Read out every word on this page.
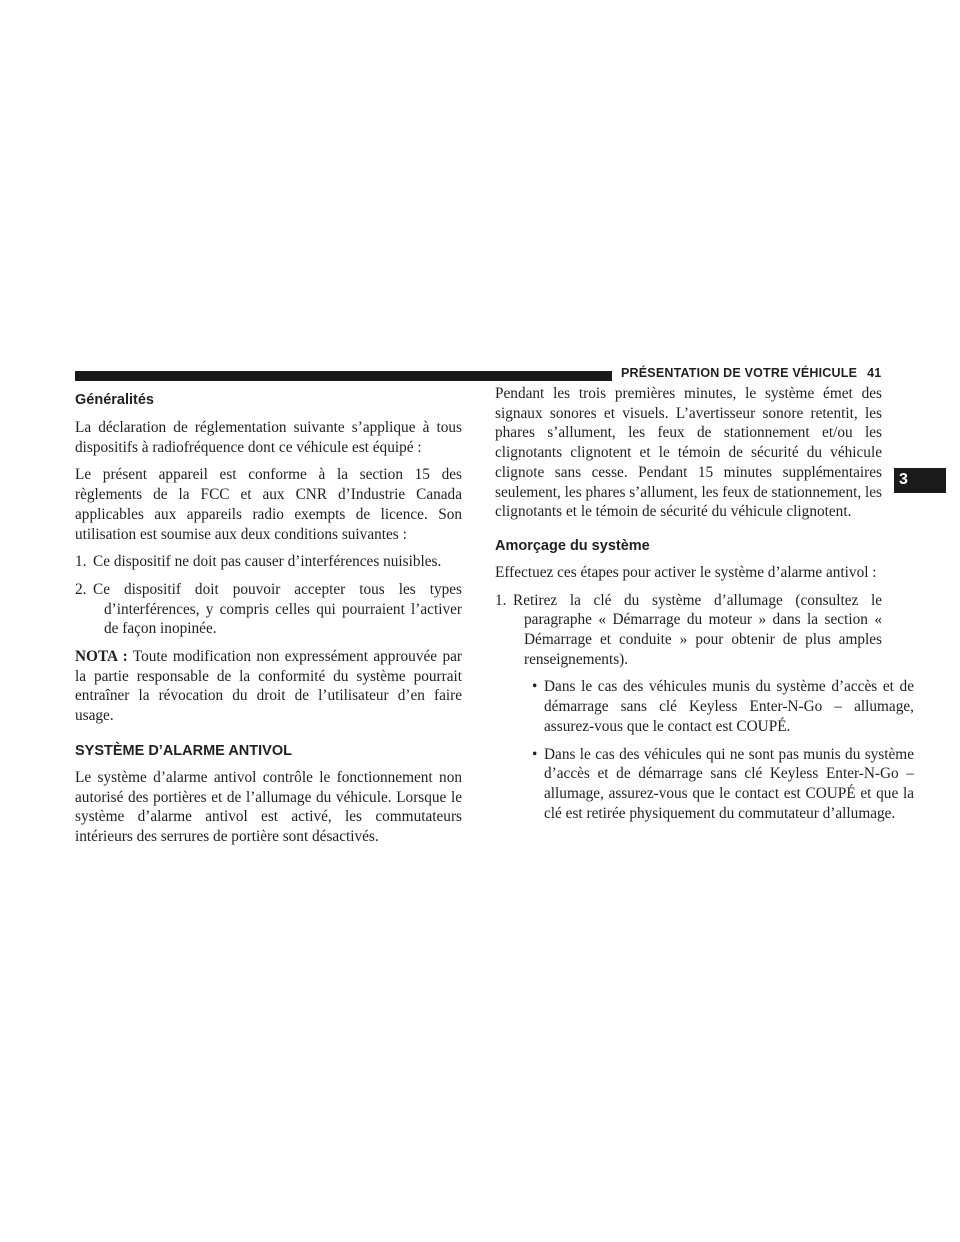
PRÉSENTATION DE VOTRE VÉHICULE 41
3
Généralités

La déclaration de réglementation suivante s’applique à tous dispositifs à radiofréquence dont ce véhicule est équipé :

Le présent appareil est conforme à la section 15 des règlements de la FCC et aux CNR d’Industrie Canada applicables aux appareils radio exempts de licence. Son utilisation est soumise aux deux conditions suivantes :

1. Ce dispositif ne doit pas causer d’interférences nuisibles.
2. Ce dispositif doit pouvoir accepter tous les types d’interférences, y compris celles qui pourraient l’activer de façon inopinée.

NOTA : Toute modification non expressément approuvée par la partie responsable de la conformité du système pourrait entraîner la révocation du droit de l’utilisateur d’en faire usage.

SYSTÈME D’ALARME ANTIVOL

Le système d’alarme antivol contrôle le fonctionnement non autorisé des portières et de l’allumage du véhicule. Lorsque le système d’alarme antivol est activé, les commutateurs intérieurs des serrures de portière sont désactivés.

Pendant les trois premières minutes, le système émet des signaux sonores et visuels. L’avertisseur sonore retentit, les phares s’allument, les feux de stationnement et/ou les clignotants clignotent et le témoin de sécurité du véhicule clignote sans cesse. Pendant 15 minutes supplémentaires seulement, les phares s’allument, les feux de stationnement, les clignotants et le témoin de sécurité du véhicule clignotent.

Amorçage du système

Effectuez ces étapes pour activer le système d’alarme antivol :

1. Retirez la clé du système d’allumage (consultez le paragraphe « Démarrage du moteur » dans la section « Démarrage et conduite » pour obtenir de plus amples renseignements).
• Dans le cas des véhicules munis du système d’accès et de démarrage sans clé Keyless Enter-N-Go – allumage, assurez-vous que le contact est COUPÉ.
• Dans le cas des véhicules qui ne sont pas munis du système d’accès et de démarrage sans clé Keyless Enter-N-Go – allumage, assurez-vous que le contact est COUPÉ et que la clé est retirée physiquement du commutateur d’allumage.
